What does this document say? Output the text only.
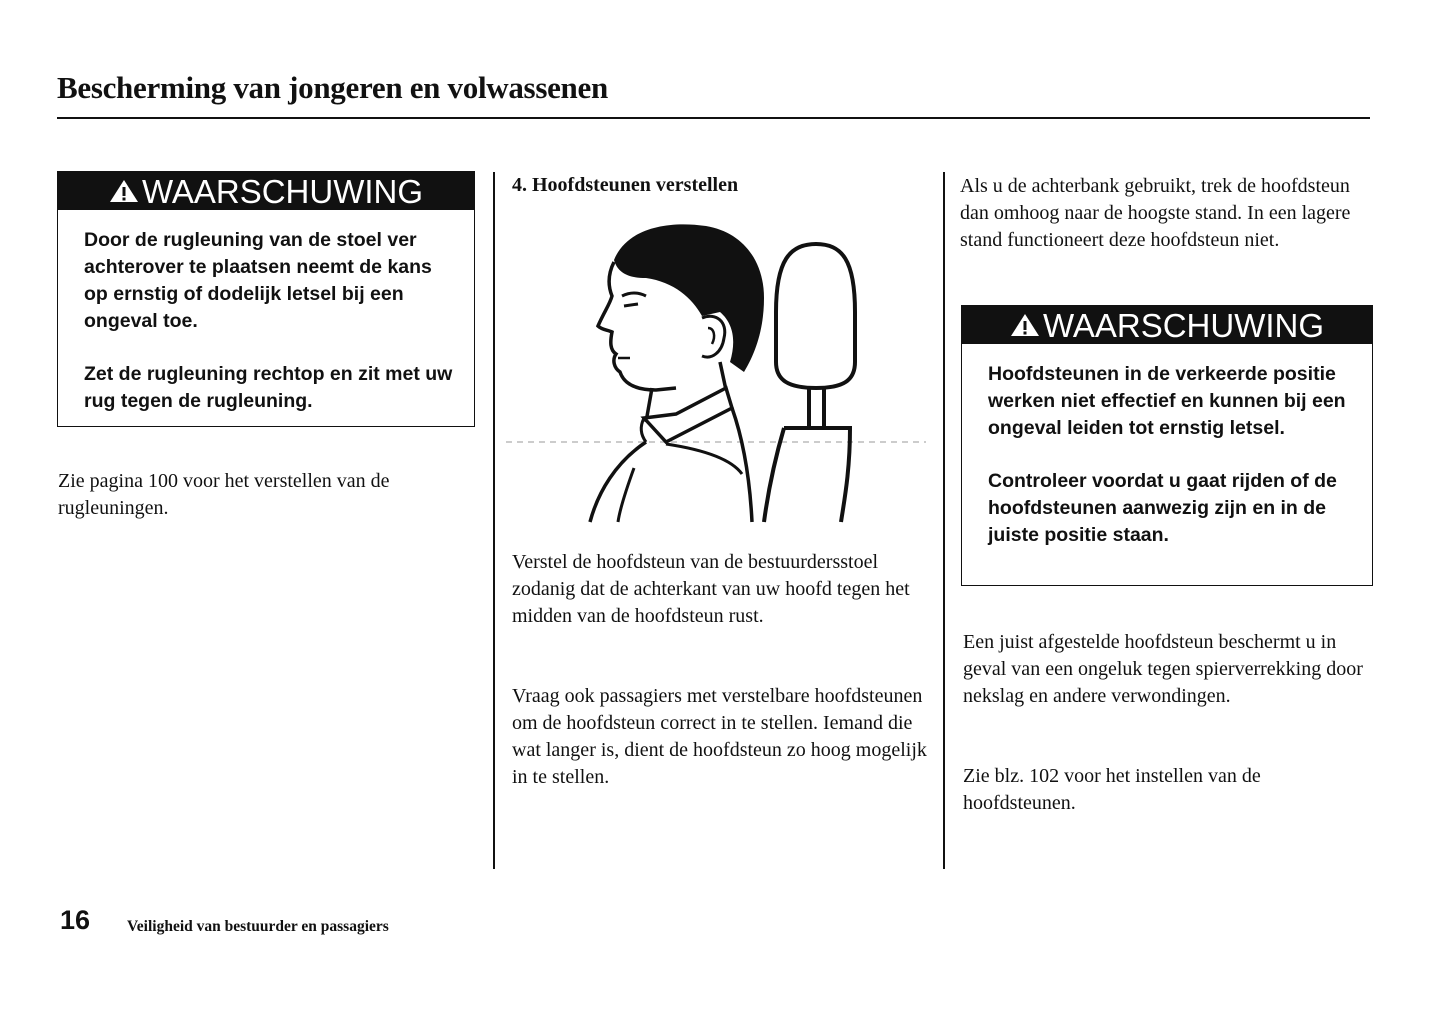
Bescherming van jongeren en volwassenen
WAARSCHUWING

Door de rugleuning van de stoel ver achterover te plaatsen neemt de kans op ernstig of dodelijk letsel bij een ongeval toe.

Zet de rugleuning rechtop en zit met uw rug tegen de rugleuning.

Zie pagina 100 voor het verstellen van de rugleuningen.

4. Hoofdsteunen verstellen

Verstel de hoofdsteun van de bestuurdersstoel zodanig dat de achterkant van uw hoofd tegen het midden van de hoofdsteun rust.

Vraag ook passagiers met verstelbare hoofdsteunen om de hoofdsteun correct in te stellen. Iemand die wat langer is, dient de hoofdsteun zo hoog mogelijk in te stellen.

Als u de achterbank gebruikt, trek de hoofdsteun dan omhoog naar de hoogste stand. In een lagere stand functioneert deze hoofdsteun niet.

WAARSCHUWING

Hoofdsteunen in de verkeerde positie werken niet effectief en kunnen bij een ongeval leiden tot ernstig letsel.

Controleer voordat u gaat rijden of de hoofdsteunen aanwezig zijn en in de juiste positie staan.

Een juist afgestelde hoofdsteun beschermt u in geval van een ongeluk tegen spierverrekking door nekslag en andere verwondingen.

Zie blz. 102 voor het instellen van de hoofdsteunen.

16 Veiligheid van bestuurder en passagiers
